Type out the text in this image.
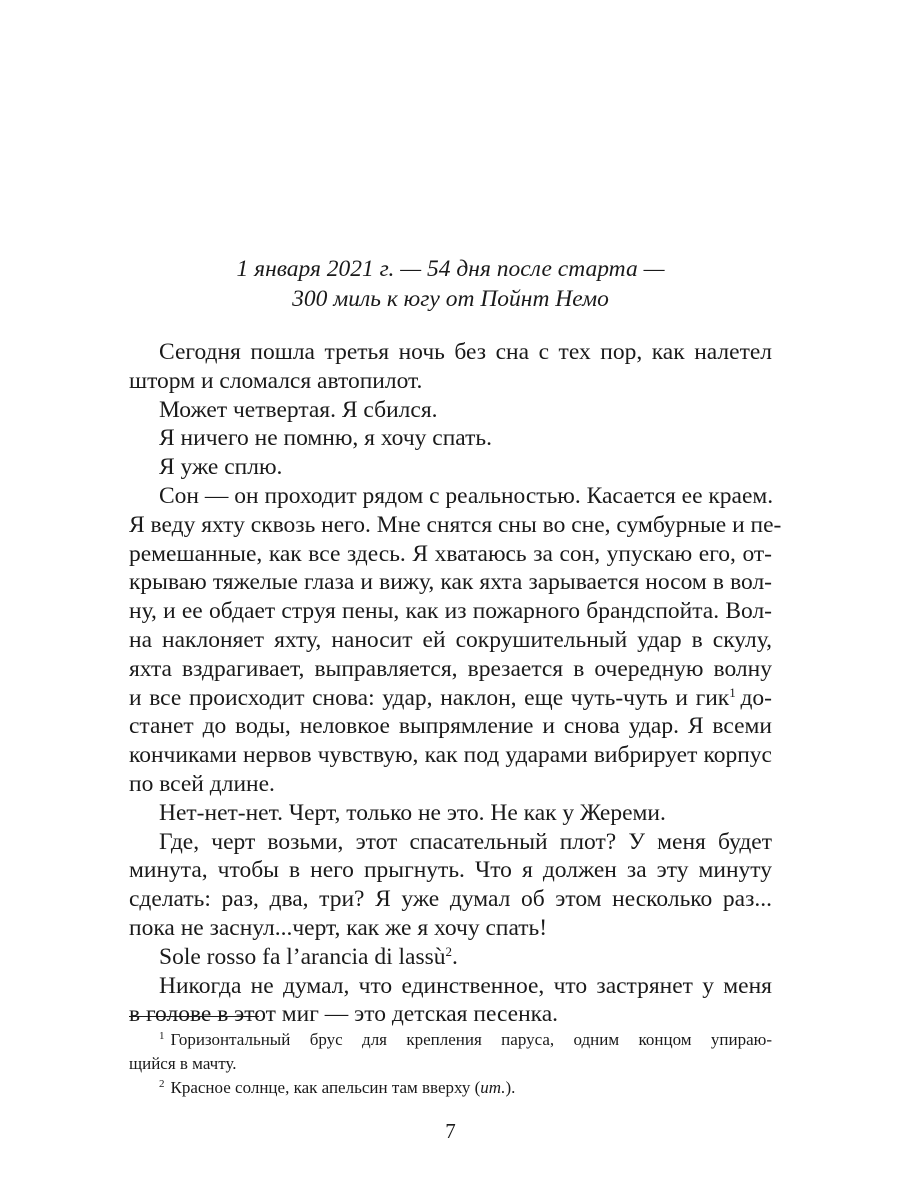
1 января 2021 г. — 54 дня после старта —
300 миль к югу от Пойнт Немо
Сегодня пошла третья ночь без сна с тех пор, как налетел
шторм и сломался автопилот.
Может четвертая. Я сбился.
Я ничего не помню, я хочу спать.
Я уже сплю.
Сон — он проходит рядом с реальностью. Касается ее краем.
Я веду яхту сквозь него. Мне снятся сны во сне, сумбурные и пе-
ремешанные, как все здесь. Я хватаюсь за сон, упускаю его, от-
крываю тяжелые глаза и вижу, как яхта зарывается носом в вол-
ну, и ее обдает струя пены, как из пожарного брандспойта. Вол-
на наклоняет яхту, наносит ей сокрушительный удар в скулу,
яхта вздрагивает, выправляется, врезается в очередную волну
и все происходит снова: удар, наклон, еще чуть-чуть и гик$^1$  до-
станет до воды, неловкое выпрямление и снова удар. Я всеми
кончиками нервов чувствую, как под ударами вибрирует корпус
по всей длине.
Нет-нет-нет. Черт, только не это. Не как у Жереми.
Где, черт возьми, этот спасательный плот? У меня будет
минута, чтобы в него прыгнуть. Что я должен за эту минуту
сделать: раз, два, три? Я уже думал об этом несколько раз...
пока не заснул...черт, как же я хочу спать!
Sole rosso fa l’arancia di lassù$^2$.
Никогда не думал, что единственное, что застрянет у меня
в голове в этот миг — это детская песенка.
$^1$ Горизонтальный брус для крепления паруса, одним концом упираю-
щийся в мачту.
$^2$ Красное солнце, как апельсин там вверху (ит.).
7
